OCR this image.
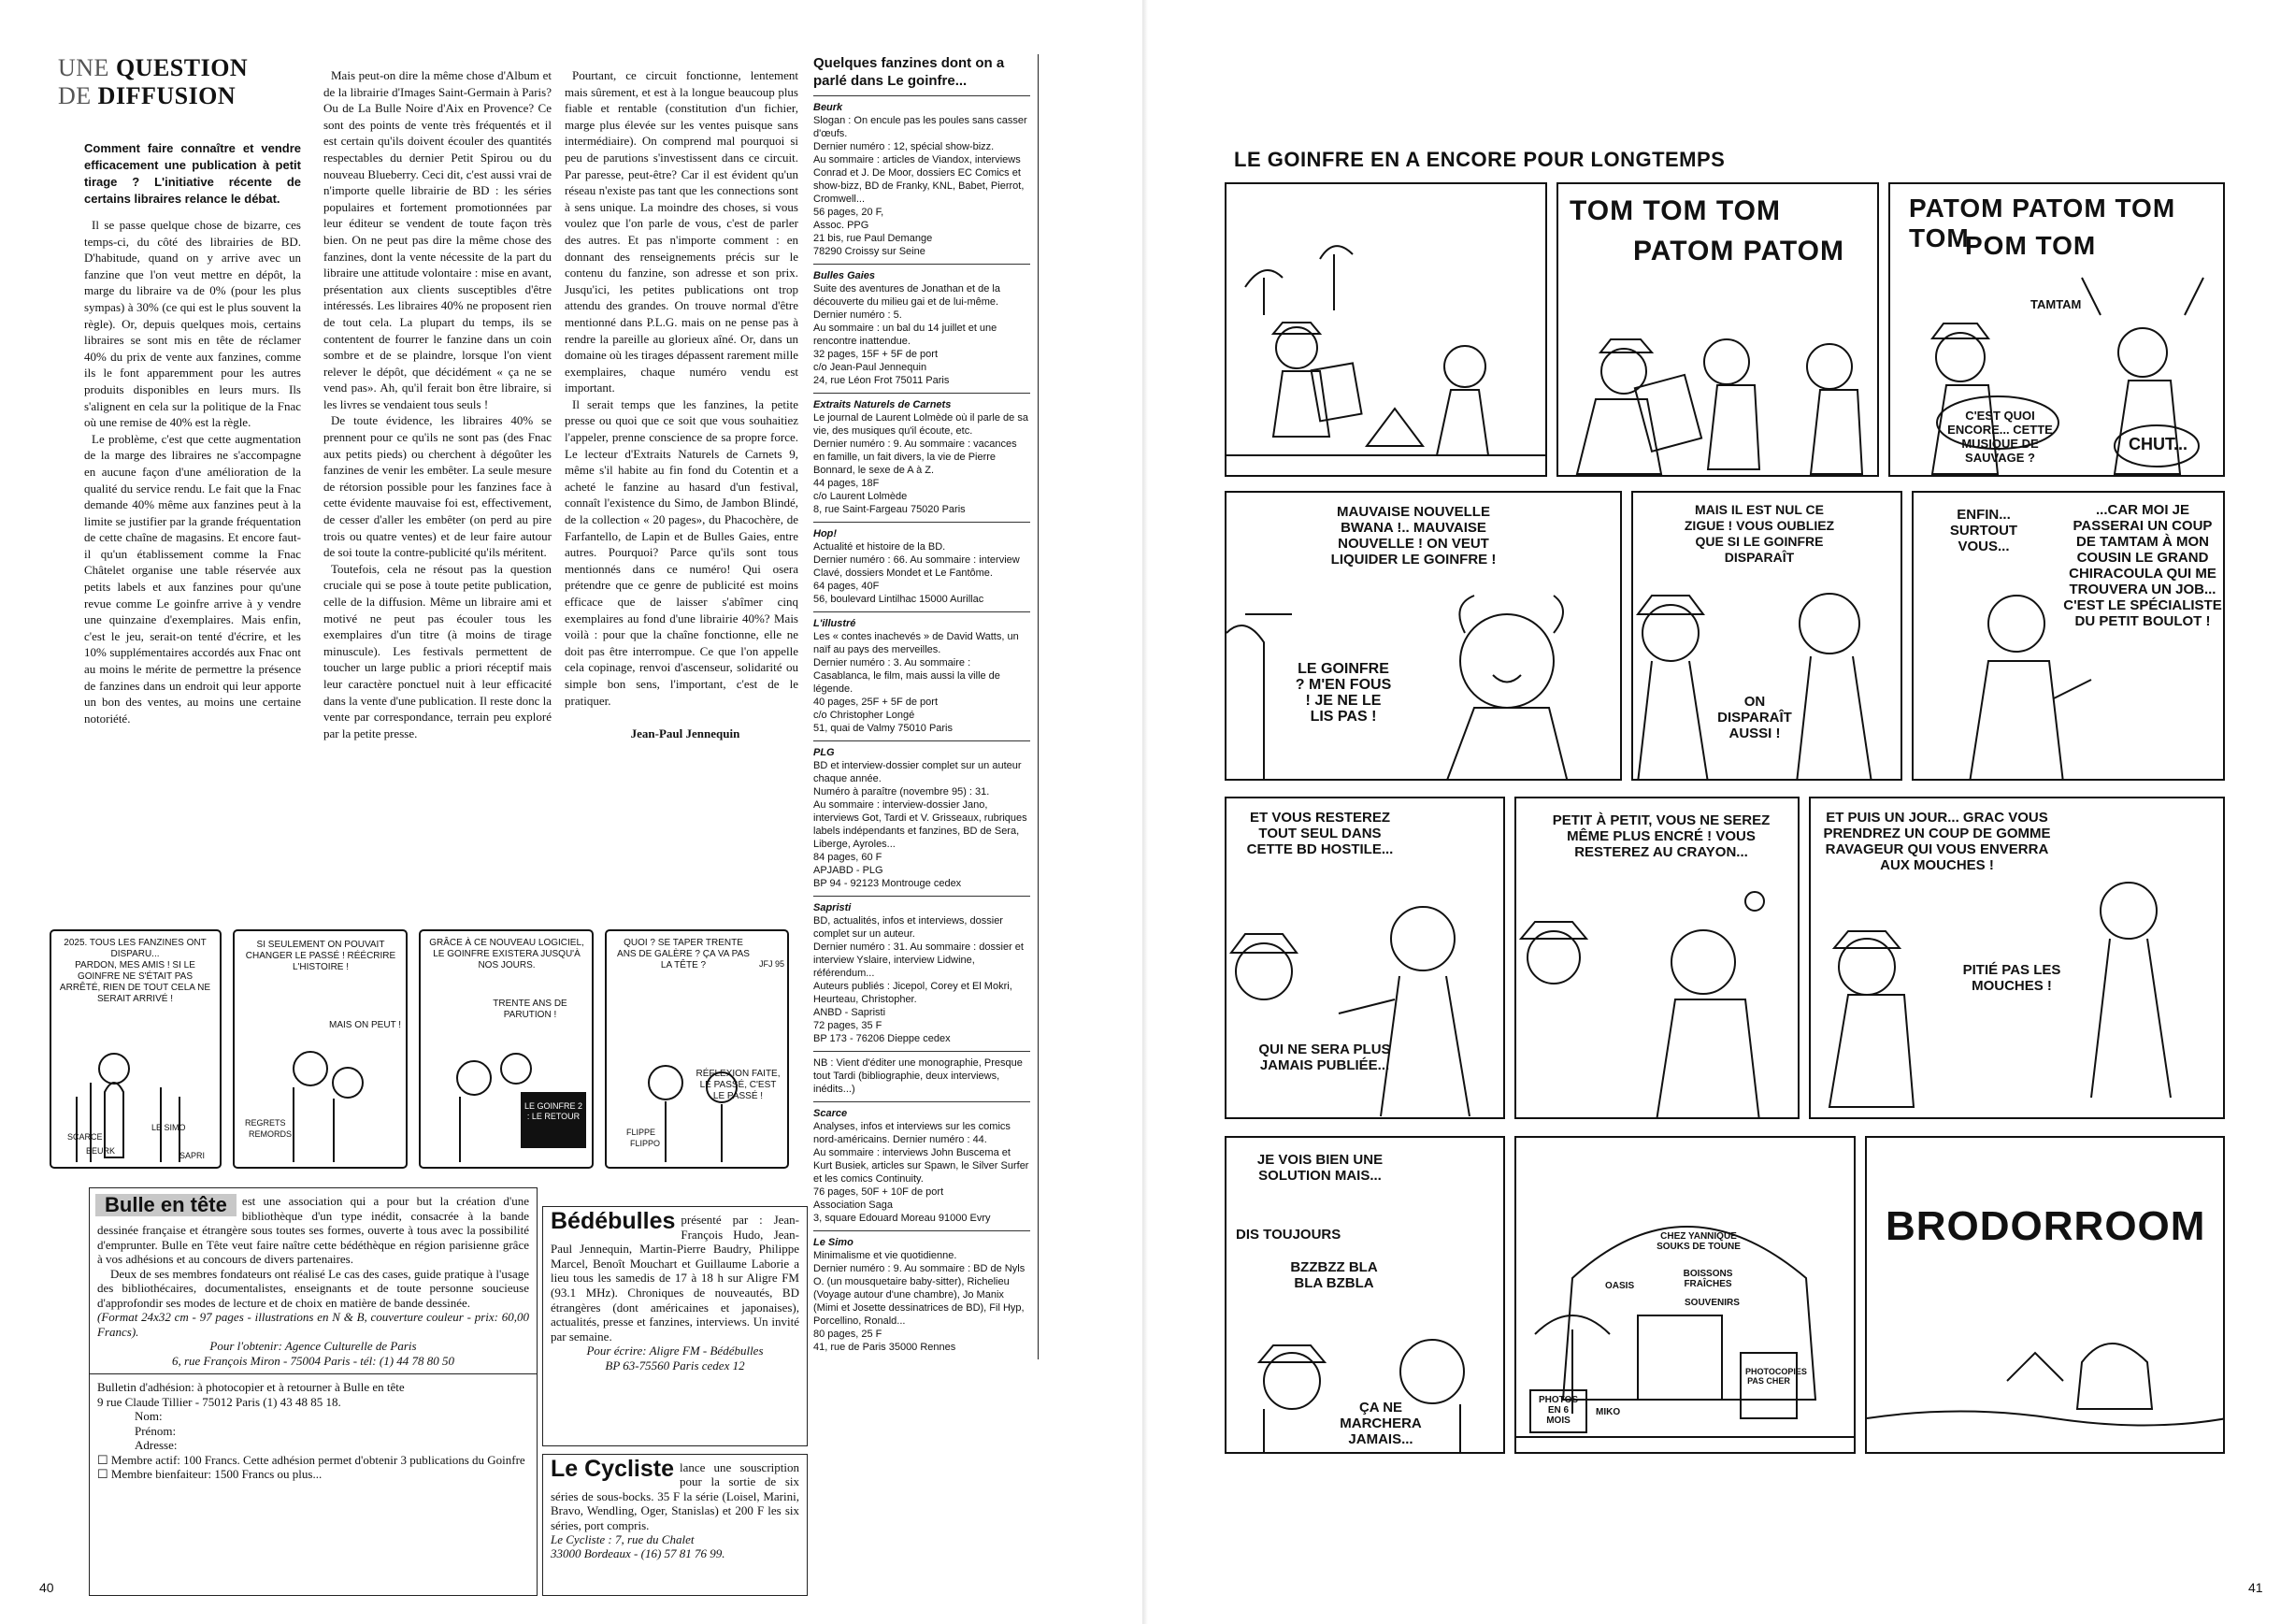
UNE QUESTION
DE DIFFUSION

Comment faire connaître et vendre efficacement une publication à petit tirage ? L'initiative récente de certains libraires relance le débat.

Il se passe quelque chose de bizarre, ces temps-ci, du côté des librairies de BD. D'habitude, quand on y arrive avec un fanzine que l'on veut mettre en dépôt, la marge du libraire va de 0% (pour les plus sympas) à 30% (ce qui est le plus souvent la règle). Or, depuis quelques mois, certains libraires se sont mis en tête de réclamer 40% du prix de vente aux fanzines, comme ils le font apparemment pour les autres produits disponibles en leurs murs. Ils s'alignent en cela sur la politique de la Fnac où une remise de 40% est la règle.

Le problème, c'est que cette augmentation de la marge des libraires ne s'accompagne en aucune façon d'une amélioration de la qualité du service rendu. Le fait que la Fnac demande 40% même aux fanzines peut à la limite se justifier par la grande fréquentation de cette chaîne de magasins. Et encore faut-il qu'un établissement comme la Fnac Châtelet organise une table réservée aux petits labels et aux fanzines pour qu'une revue comme Le goinfre arrive à y vendre une quinzaine d'exemplaires. Mais enfin, c'est le jeu, serait-on tenté d'écrire, et les 10% supplémentaires accordés aux Fnac ont au moins le mérite de permettre la présence de fanzines dans un endroit qui leur apporte un bon des ventes, au moins une certaine notoriété.

Mais peut-on dire la même chose d'Album et de la librairie d'Images Saint-Germain à Paris? Ou de La Bulle Noire d'Aix en Provence? Ce sont des points de vente très fréquentés et il est certain qu'ils doivent écouler des quantités respectables du dernier Petit Spirou ou du nouveau Blueberry. Ceci dit, c'est aussi vrai de n'importe quelle librairie de BD : les séries populaires et fortement promotionnées par leur éditeur se vendent de toute façon très bien. On ne peut pas dire la même chose des fanzines, dont la vente nécessite de la part du libraire une attitude volontaire : mise en avant, présentation aux clients susceptibles d'être intéressés. Les libraires 40% ne proposent rien de tout cela. La plupart du temps, ils se contentent de fourrer le fanzine dans un coin sombre et de se plaindre, lorsque l'on vient relever le dépôt, que décidément « ça ne se vend pas». Ah, qu'il ferait bon être libraire, si les livres se vendaient tous seuls !

De toute évidence, les libraires 40% se prennent pour ce qu'ils ne sont pas (des Fnac aux petits pieds) ou cherchent à dégoûter les fanzines de venir les embêter. La seule mesure de rétorsion possible pour les fanzines face à cette évidente mauvaise foi est, effectivement, de cesser d'aller les embêter (on perd au pire trois ou quatre ventes) et de leur faire autour de soi toute la contre-publicité qu'ils méritent.

Toutefois, cela ne résout pas la question cruciale qui se pose à toute petite publication, celle de la diffusion. Même un libraire ami et motivé ne peut pas écouler tous les exemplaires d'un titre (à moins de tirage minuscule). Les festivals permettent de toucher un large public a priori réceptif mais leur caractère ponctuel nuit à leur efficacité dans la vente d'une publication. Il reste donc la vente par correspondance, terrain peu exploré par la petite presse.

Pourtant, ce circuit fonctionne, lentement mais sûrement, et est à la longue beaucoup plus fiable et rentable (constitution d'un fichier, marge plus élevée sur les ventes puisque sans intermédiaire). On comprend mal pourquoi si peu de parutions s'investissent dans ce circuit. Par paresse, peut-être? Car il est évident qu'un réseau n'existe pas tant que les connections sont à sens unique. La moindre des choses, si vous voulez que l'on parle de vous, c'est de parler des autres. Et pas n'importe comment : en donnant des renseignements précis sur le contenu du fanzine, son adresse et son prix. Jusqu'ici, les petites publications ont trop attendu des grandes. On trouve normal d'être mentionné dans P.L.G. mais on ne pense pas à rendre la pareille au glorieux aîné. Or, dans un domaine où les tirages dépassent rarement mille exemplaires, chaque numéro vendu est important.

Il serait temps que les fanzines, la petite presse ou quoi que ce soit que vous souhaitiez l'appeler, prenne conscience de sa propre force. Le lecteur d'Extraits Naturels de Carnets 9, même s'il habite au fin fond du Cotentin et a acheté le fanzine au hasard d'un festival, connaît l'existence du Simo, de Jambon Blindé, de la collection « 20 pages», du Phacochère, de Farfantello, de Lapin et de Bulles Gaies, entre autres. Pourquoi? Parce qu'ils sont tous mentionnés dans ce numéro! Qui osera prétendre que ce genre de publicité est moins efficace que de laisser s'abîmer cinq exemplaires au fond d'une librairie 40%? Mais voilà : pour que la chaîne fonctionne, elle ne doit pas être interrompue. Ce que l'on appelle cela copinage, renvoi d'ascenseur, solidarité ou simple bon sens, l'important, c'est de le pratiquer.

Jean-Paul Jennequin

Quelques fanzines dont on a parlé dans Le goinfre...
Beurk
Slogan : On encule pas les poules sans casser d'œufs.
Dernier numéro : 12, spécial show-bizz.
Au sommaire : articles de Viandox, interviews Conrad et J. De Moor, dossiers EC Comics et show-bizz, BD de Franky, KNL, Babet, Pierrot, Cromwell...
56 pages, 20 F,
Assoc. PPG
21 bis, rue Paul Demange
78290 Croissy sur Seine
Bulles Gaies
Suite des aventures de Jonathan et de la découverte du milieu gai et de lui-même. Dernier numéro : 5.
Au sommaire : un bal du 14 juillet et une rencontre inattendue.
32 pages, 15F + 5F de port
c/o Jean-Paul Jennequin
24, rue Léon Frot 75011 Paris
Extraits Naturels de Carnets
Le journal de Laurent Lolmède où il parle de sa vie, des musiques qu'il écoute, etc.
Dernier numéro : 9. Au sommaire : vacances en famille, un fait divers, la vie de Pierre Bonnard, le sexe de A à Z.
44 pages, 18F
c/o Laurent Lolmède
8, rue Saint-Fargeau 75020 Paris
Hop!
Actualité et histoire de la BD.
Dernier numéro : 66. Au sommaire : interview Clavé, dossiers Mondet et Le Fantôme.
64 pages, 40F
56, boulevard Lintilhac 15000 Aurillac
L'illustré
Les « contes inachevés » de David Watts, un naïf au pays des merveilles.
Dernier numéro : 3. Au sommaire : Casablanca, le film, mais aussi la ville de légende.
40 pages, 25F + 5F de port
c/o Christopher Longé
51, quai de Valmy 75010 Paris
PLG
BD et interview-dossier complet sur un auteur chaque année.
Numéro à paraître (novembre 95) : 31.
Au sommaire : interview-dossier Jano, interviews Got, Tardi et V. Grisseaux, rubriques labels indépendants et fanzines, BD de Sera, Liberge, Ayroles...
84 pages, 60 F
APJABD - PLG
BP 94 - 92123 Montrouge cedex
Sapristi
BD, actualités, infos et interviews, dossier complet sur un auteur.
Dernier numéro : 31. Au sommaire : dossier et interview Yslaire, interview Lidwine, référendum...
Auteurs publiés : Jicepol, Corey et El Mokri, Heurteau, Christopher.
ANBD - Sapristi
72 pages, 35 F
BP 173 - 76206 Dieppe cedex
NB : Vient d'éditer une monographie, Presque tout Tardi (bibliographie, deux interviews, inédits...)
Scarce
Analyses, infos et interviews sur les comics nord-américains. Dernier numéro : 44.
Au sommaire : interviews John Buscema et Kurt Busiek, articles sur Spawn, le Silver Surfer et les comics Continuity.
76 pages, 50F + 10F de port
Association Saga
3, square Edouard Moreau 91000 Evry
Le Simo
Minimalisme et vie quotidienne.
Dernier numéro : 9. Au sommaire : BD de Nyls O. (un mousquetaire baby-sitter), Richelieu (Voyage autour d'une chambre), Jo Manix (Mimi et Josette dessinatrices de BD), Fil Hyp, Porcellino, Ronald...
80 pages, 25 F
41, rue de Paris 35000 Rennes
2025. TOUS LES FANZINES ONT DISPARU...
PARDON, MES AMIS ! SI LE GOINFRE NE S'ÉTAIT PAS ARRÊTÉ, RIEN DE TOUT CELA NE SERAIT ARRIVÉ !
SCARCE
LE SIMO
BEURK	SAPRI
SI SEULEMENT ON POUVAIT CHANGER LE PASSÉ ! RÉÉCRIRE L'HISTOIRE !
MAIS ON PEUT !
REGRETS
REMORDS
GRÂCE À CE NOUVEAU LOGICIEL, LE GOINFRE EXISTERA JUSQU'À NOS JOURS.
TRENTE ANS DE PARUTION !
LE GOINFRE 2 : LE RETOUR
QUOI ? SE TAPER TRENTE ANS DE GALÈRE ? ÇA VA PAS LA TÊTE ?
RÉFLEXION FAITE, LE PASSÉ, C'EST LE PASSÉ !
FLIPPE
FLIPPO
JFJ 95
Bulle en tête	est une association qui a pour but la création d'une bibliothèque d'un type inédit, consacrée à la bande dessinée française et étrangère sous toutes ses formes, ouverte à tous avec la possibilité d'emprunter. Bulle en Tête veut faire naître cette bédéthèque en région parisienne grâce à vos adhésions et au concours de divers partenaires.
Deux de ses membres fondateurs ont réalisé Le cas des cases, guide pratique à l'usage des bibliothécaires, documentalistes, enseignants et de toute personne soucieuse d'approfondir ses modes de lecture et de choix en matière de bande dessinée.
(Format 24x32 cm - 97 pages - illustrations en N & B, couverture couleur - prix: 60,00 Francs).
Pour l'obtenir: Agence Culturelle de Paris
6, rue François Miron - 75004 Paris - tél: (1) 44 78 80 50
Bulletin d'adhésion: à photocopier et à retourner à Bulle en tête
9 rue Claude Tillier - 75012 Paris (1) 43 48 85 18.
Nom:
Prénom:
Adresse:
☐ Membre actif: 100 Francs. Cette adhésion permet d'obtenir 3 publications du Goinfre
☐ Membre bienfaiteur: 1500 Francs ou plus...
Bédébulles présenté par : Jean-François Hudo, Jean-Paul Jennequin, Martin-Pierre Baudry, Philippe Marcel, Benoît Mouchart et Guillaume Laborie a lieu tous les samedis de 17 à 18 h sur Aligre FM (93.1 MHz). Chroniques de nouveautés, BD étrangères (dont américaines et japonaises), actualités, presse et fanzines, interviews. Un invité par semaine.
Pour écrire: Aligre FM - Bédébulles
BP 63-75560 Paris cedex 12
Le Cycliste lance une souscription pour la sortie de six séries de sous-bocks. 35 F la série (Loisel, Marini, Bravo, Wendling, Oger, Stanislas) et 200 F les six séries, port compris.
Le Cycliste : 7, rue du Chalet
33000 Bordeaux - (16) 57 81 76 99.
40
LE GOINFRE EN A ENCORE POUR LONGTEMPS
TOM TOM TOM
PATOM PATOM
PATOM PATOM TOM TOM
POM TOM
TAMTAM
C'EST QUOI ENCORE... CETTE MUSIQUE DE SAUVAGE ?
CHUT...
MAUVAISE NOUVELLE BWANA !.. MAUVAISE NOUVELLE ! ON VEUT LIQUIDER LE GOINFRE !
LE GOINFRE ? M'EN FOUS ! JE NE LE LIS PAS !
MAIS IL EST NUL CE ZIGUE ! VOUS OUBLIEZ QUE SI LE GOINFRE DISPARAÎT
ON DISPARAÎT AUSSI !
ENFIN... SURTOUT VOUS...
...CAR MOI JE PASSERAI UN COUP DE TAMTAM À MON COUSIN LE GRAND CHIRACOULA QUI ME TROUVERA UN JOB... C'EST LE SPÉCIALISTE DU PETIT BOULOT !
ET VOUS RESTEREZ TOUT SEUL DANS CETTE BD HOSTILE...
QUI NE SERA PLUS JAMAIS PUBLIÉE...
PETIT À PETIT, VOUS NE SEREZ MÊME PLUS ENCRÉ ! VOUS RESTEREZ AU CRAYON...
ET PUIS UN JOUR... GRAC VOUS PRENDREZ UN COUP DE GOMME RAVAGEUR QUI VOUS ENVERRA AUX MOUCHES !
PITIÉ PAS LES MOUCHES !
JE VOIS BIEN UNE SOLUTION MAIS...
DIS TOUJOURS
BZZBZZ BLA BLA BZBLA
ÇA NE MARCHERA JAMAIS...
CHEZ YANNIQUE SOUKS DE TOUNE
BOISSONS FRAÎCHES
SOUVENIRS
OASIS
PHOTOS EN 6 MOIS
MIKO
PHOTOCOPIES PAS CHER
BRODORROOM
41
